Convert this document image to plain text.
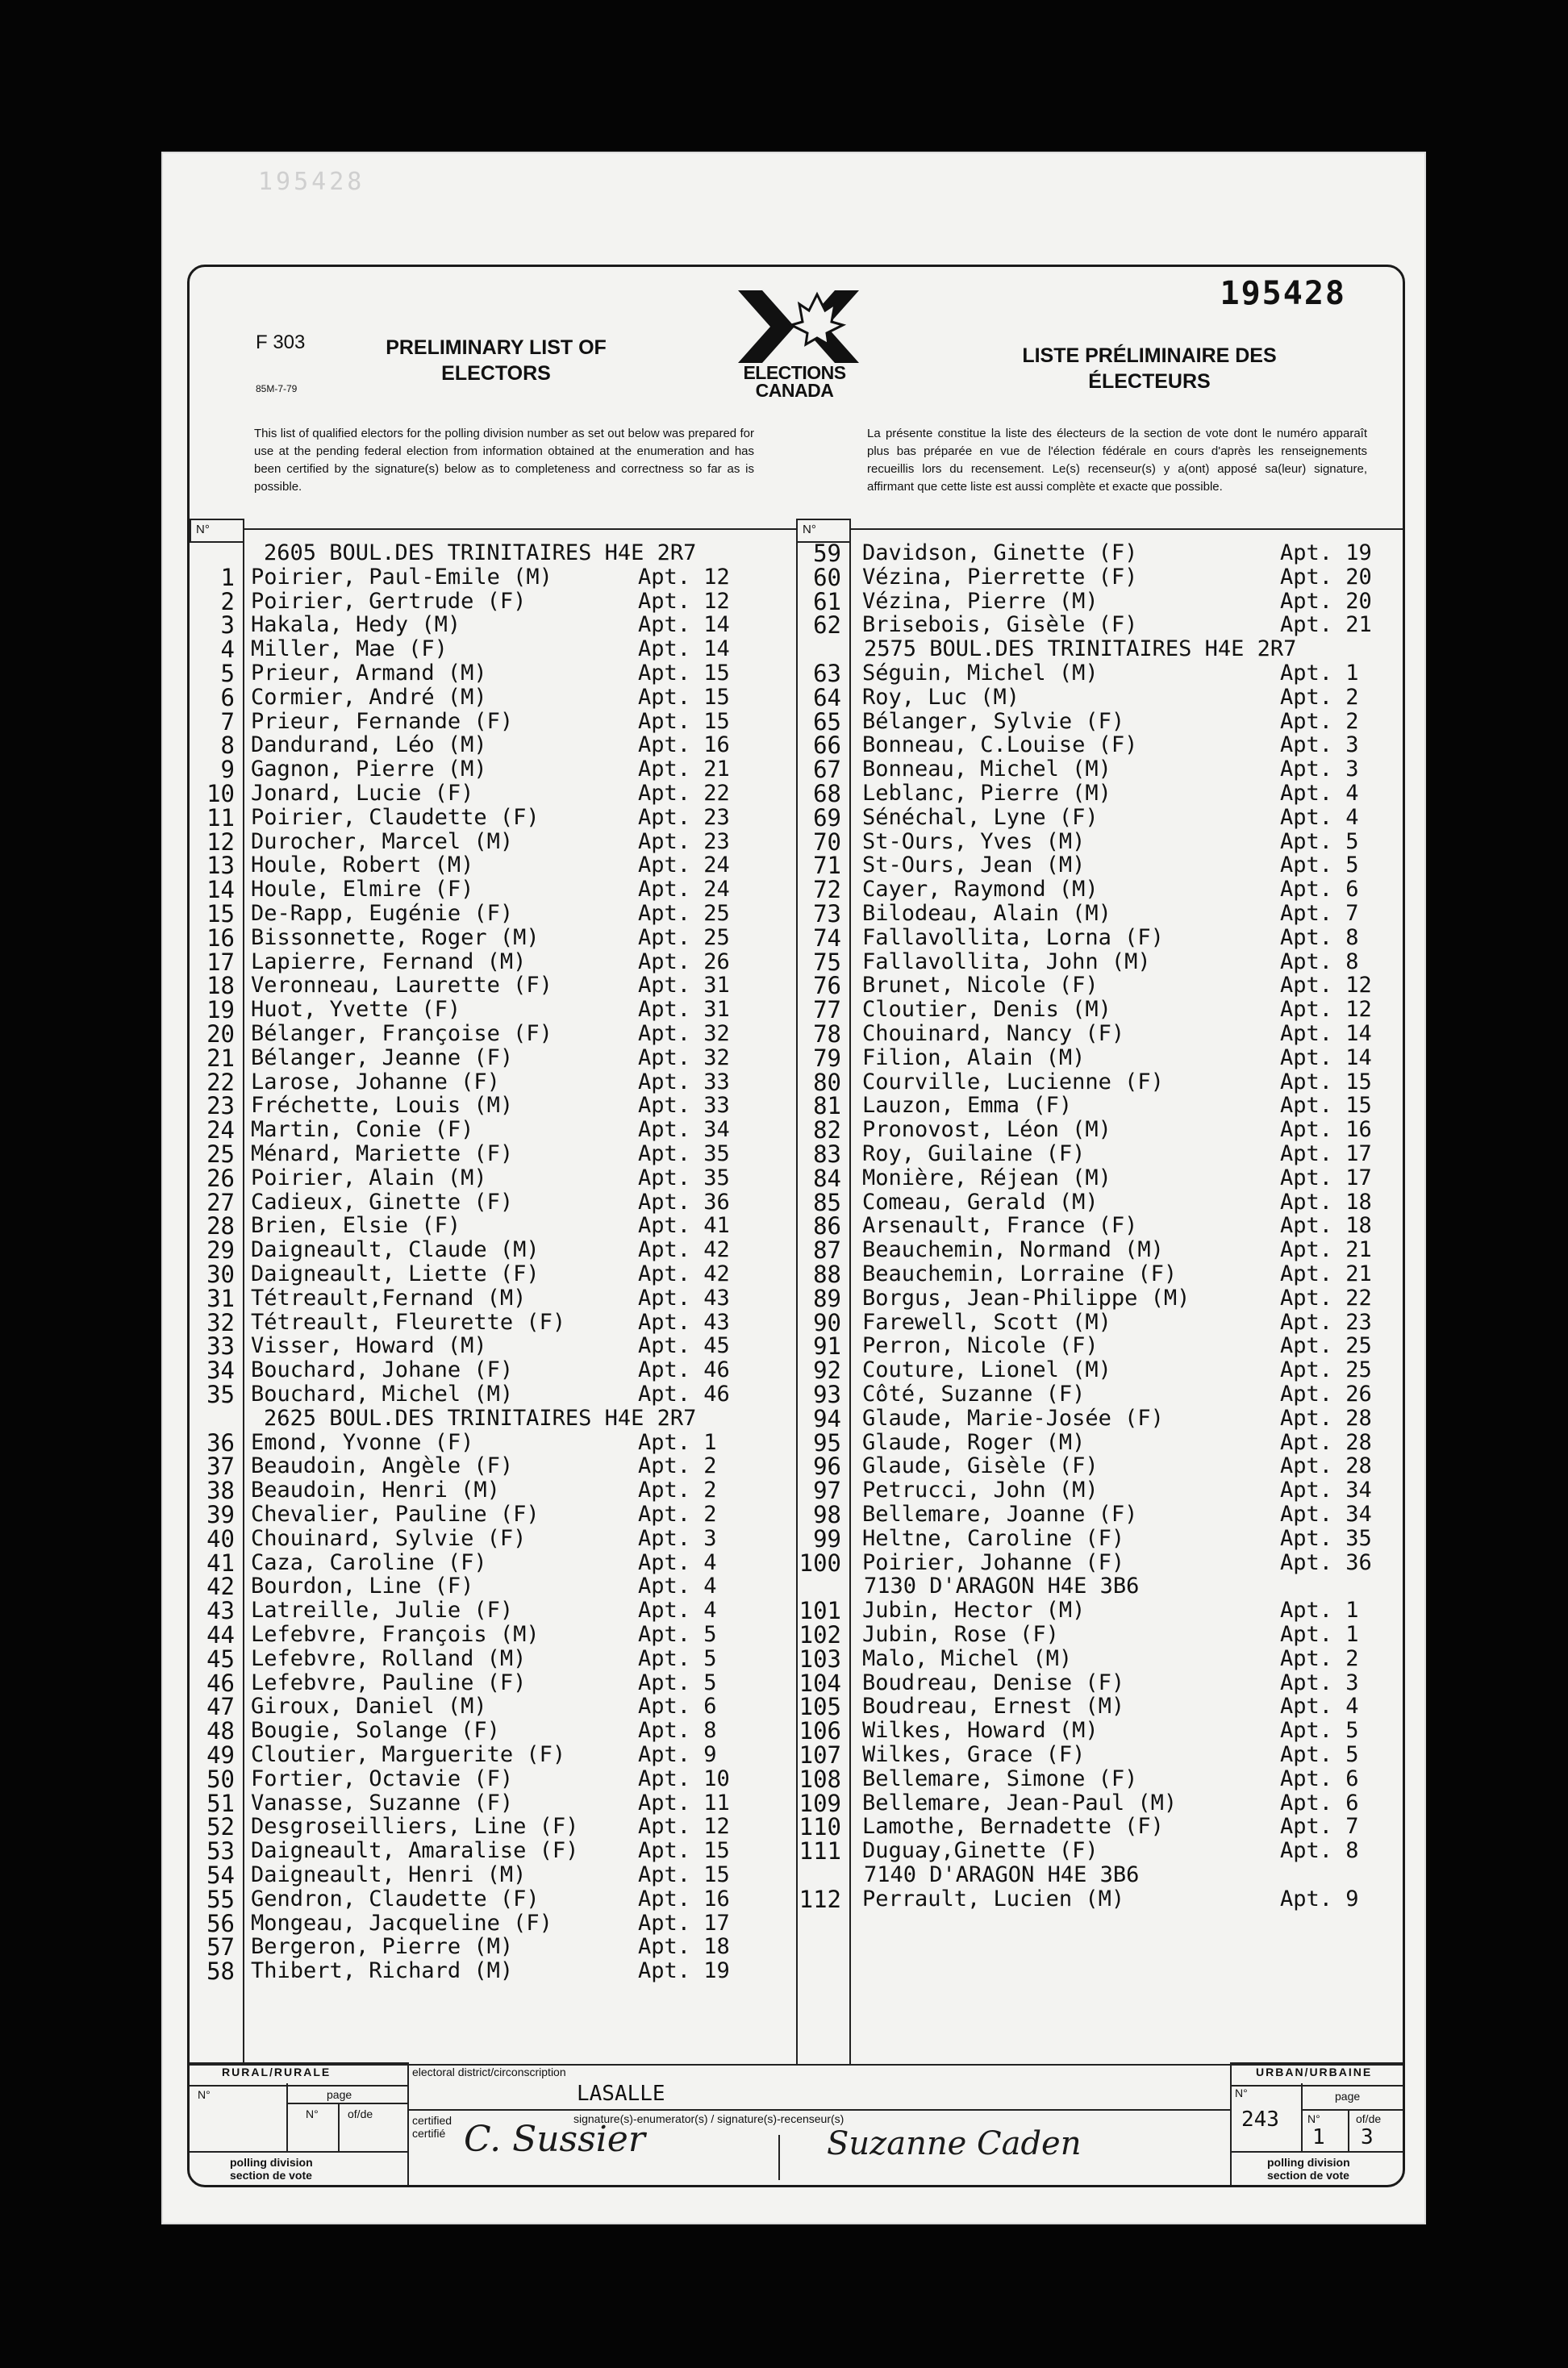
195428
195428
F 303
85M-7-79
PRELIMINARY LIST OF
ELECTORS	ELECTIONS
CANADA
LISTE PRÉLIMINAIRE DES
ÉLECTEURS
This list of qualified electors for the polling division number as set out below was prepared for use at the pending federal election from information obtained at the enumeration and has been certified by the signature(s) below as to completeness and correctness so far as is possible.
La présente constitue la liste des électeurs de la section de vote dont le numéro apparaît plus bas préparée en vue de l'élection fédérale en cours d'après les renseignements recueillis lors du recensement. Le(s) recenseur(s) y a(ont) apposé sa(leur) signature, affirmant que cette liste est aussi complète et exacte que possible.
N°	N°
2605 BOUL.DES TRINITAIRES H4E 2R7
1 Poirier, Paul-Emile (M)	Apt. 12
2 Poirier, Gertrude (F)	Apt. 12
3 Hakala, Hedy (M)	Apt. 14
4 Miller, Mae (F)	Apt. 14
5 Prieur, Armand (M)	Apt. 15
6 Cormier, André (M)	Apt. 15
7 Prieur, Fernande (F)	Apt. 15
8 Dandurand, Léo (M)	Apt. 16
9 Gagnon, Pierre (M)	Apt. 21
10 Jonard, Lucie (F)	Apt. 22
11 Poirier, Claudette (F)	Apt. 23
12 Durocher, Marcel (M)	Apt. 23
13 Houle, Robert (M)	Apt. 24
14 Houle, Elmire (F)	Apt. 24
15 De-Rapp, Eugénie (F)	Apt. 25
16 Bissonnette, Roger (M)	Apt. 25
17 Lapierre, Fernand (M)	Apt. 26
18 Veronneau, Laurette (F)	Apt. 31
19 Huot, Yvette (F)	Apt. 31
20 Bélanger, Françoise (F)	Apt. 32
21 Bélanger, Jeanne (F)	Apt. 32
22 Larose, Johanne (F)	Apt. 33
23 Fréchette, Louis (M)	Apt. 33
24 Martin, Conie (F)	Apt. 34
25 Ménard, Mariette (F)	Apt. 35
26 Poirier, Alain (M)	Apt. 35
27 Cadieux, Ginette (F)	Apt. 36
28 Brien, Elsie (F)	Apt. 41
29 Daigneault, Claude (M)	Apt. 42
30 Daigneault, Liette (F)	Apt. 42
31 Tétreault,Fernand (M)	Apt. 43
32 Tétreault, Fleurette (F)	Apt. 43
33 Visser, Howard (M)	Apt. 45
34 Bouchard, Johane (F)	Apt. 46
35 Bouchard, Michel (M)	Apt. 46
2625 BOUL.DES TRINITAIRES H4E 2R7
36 Emond, Yvonne (F)	Apt. 1
37 Beaudoin, Angèle (F)	Apt. 2
38 Beaudoin, Henri (M)	Apt. 2
39 Chevalier, Pauline (F)	Apt. 2
40 Chouinard, Sylvie (F)	Apt. 3
41 Caza, Caroline (F)	Apt. 4
42 Bourdon, Line (F)	Apt. 4
43 Latreille, Julie (F)	Apt. 4
44 Lefebvre, François (M)	Apt. 5
45 Lefebvre, Rolland (M)	Apt. 5
46 Lefebvre, Pauline (F)	Apt. 5
47 Giroux, Daniel (M)	Apt. 6
48 Bougie, Solange (F)	Apt. 8
49 Cloutier, Marguerite (F)	Apt. 9
50 Fortier, Octavie (F)	Apt. 10
51 Vanasse, Suzanne (F)	Apt. 11
52 Desgroseilliers, Line (F)	Apt. 12
53 Daigneault, Amaralise (F)	Apt. 15
54 Daigneault, Henri (M)	Apt. 15
55 Gendron, Claudette (F)	Apt. 16
56 Mongeau, Jacqueline (F)	Apt. 17
57 Bergeron, Pierre (M)	Apt. 18
58 Thibert, Richard (M)	Apt. 19
59 Davidson, Ginette (F)	Apt. 19
60 Vézina, Pierrette (F)	Apt. 20
61 Vézina, Pierre (M)	Apt. 20
62 Brisebois, Gisèle (F)	Apt. 21
2575 BOUL.DES TRINITAIRES H4E 2R7
63 Séguin, Michel (M)	Apt. 1
64 Roy, Luc (M)	Apt. 2
65 Bélanger, Sylvie (F)	Apt. 2
66 Bonneau, C.Louise (F)	Apt. 3
67 Bonneau, Michel (M)	Apt. 3
68 Leblanc, Pierre (M)	Apt. 4
69 Sénéchal, Lyne (F)	Apt. 4
70 St-Ours, Yves (M)	Apt. 5
71 St-Ours, Jean (M)	Apt. 5
72 Cayer, Raymond (M)	Apt. 6
73 Bilodeau, Alain (M)	Apt. 7
74 Fallavollita, Lorna (F)	Apt. 8
75 Fallavollita, John (M)	Apt. 8
76 Brunet, Nicole (F)	Apt. 12
77 Cloutier, Denis (M)	Apt. 12
78 Chouinard, Nancy (F)	Apt. 14
79 Filion, Alain (M)	Apt. 14
80 Courville, Lucienne (F)	Apt. 15
81 Lauzon, Emma (F)	Apt. 15
82 Pronovost, Léon (M)	Apt. 16
83 Roy, Guilaine (F)	Apt. 17
84 Monière, Réjean (M)	Apt. 17
85 Comeau, Gerald (M)	Apt. 18
86 Arsenault, France (F)	Apt. 18
87 Beauchemin, Normand (M)	Apt. 21
88 Beauchemin, Lorraine (F)	Apt. 21
89 Borgus, Jean-Philippe (M)	Apt. 22
90 Farewell, Scott (M)	Apt. 23
91 Perron, Nicole (F)	Apt. 25
92 Couture, Lionel (M)	Apt. 25
93 Côté, Suzanne (F)	Apt. 26
94 Glaude, Marie-Josée (F)	Apt. 28
95 Glaude, Roger (M)	Apt. 28
96 Glaude, Gisèle (F)	Apt. 28
97 Petrucci, John (M)	Apt. 34
98 Bellemare, Joanne (F)	Apt. 34
99 Heltne, Caroline (F)	Apt. 35
100 Poirier, Johanne (F)	Apt. 36
7130 D'ARAGON H4E 3B6
101 Jubin, Hector (M)	Apt. 1
102 Jubin, Rose (F)	Apt. 1
103 Malo, Michel (M)	Apt. 2
104 Boudreau, Denise (F)	Apt. 3
105 Boudreau, Ernest (M)	Apt. 4
106 Wilkes, Howard (M)	Apt. 5
107 Wilkes, Grace (F)	Apt. 5
108 Bellemare, Simone (F)	Apt. 6
109 Bellemare, Jean-Paul (M)	Apt. 6
110 Lamothe, Bernadette (F)	Apt. 7
111 Duguay,Ginette (F)	Apt. 8
7140 D'ARAGON H4E 3B6
112 Perrault, Lucien (M)	Apt. 9
RURAL/RURALE
N°	page
N°	of/de
polling division
section de vote
electoral district/circonscription
LASALLE
certified
certifié
signature(s)-enumerator(s) / signature(s)-recenseur(s)
C. Sussier	Suzanne Caden
URBAN/URBAINE
N°	page
243	N°	of/de
1 3
polling division
section de vote
